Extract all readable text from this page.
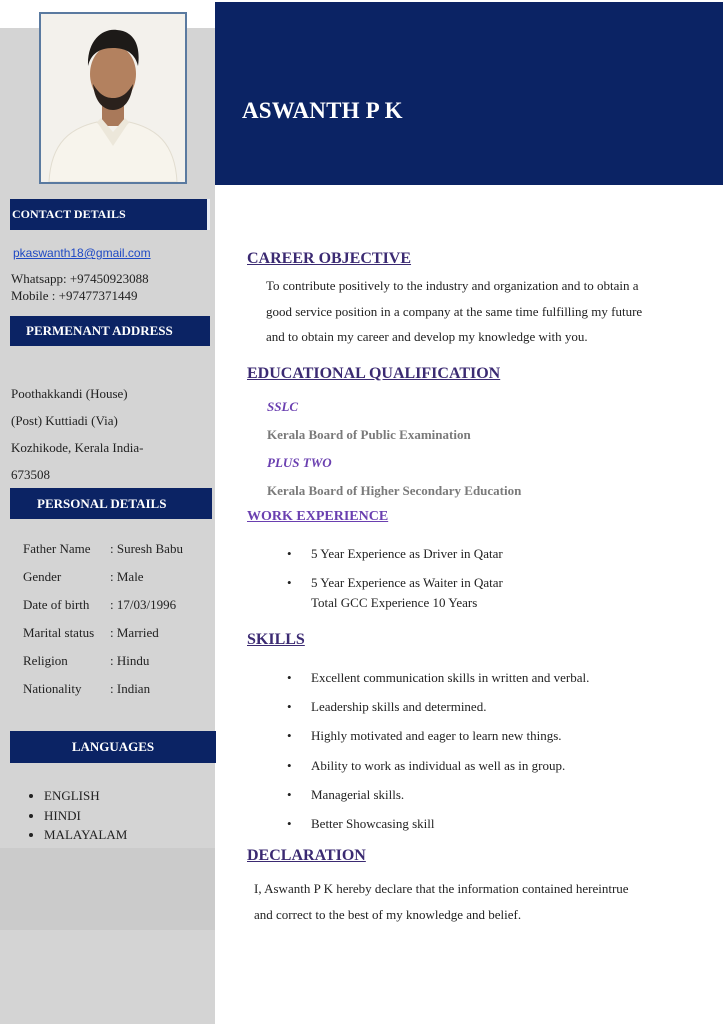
ASWANTH P K
CONTACT DETAILS
pkaswanth18@gmail.com
Whatsapp: +97450923088
Mobile : +97477371449
PERMENANT ADDRESS
Poothakkandi (House)
(Post) Kuttiadi (Via)
Kozhikode, Kerala India-
673508
PERSONAL DETAILS
Father Name : Suresh Babu
Gender	: Male
Date of birth : 17/03/1996
Marital status : Married
Religion	: Hindu
Nationality : Indian
LANGUAGES
• ENGLISH
• HINDI
• MALAYALAM
CAREER OBJECTIVE
To contribute positively to the industry and organization and to obtain a
good service position in a company at the same time fulfilling my future
and to obtain my career and develop my knowledge with you.
EDUCATIONAL QUALIFICATION
SSLC
Kerala Board of Public Examination
PLUS TWO
Kerala Board of Higher Secondary Education
WORK EXPERIENCE
• 5 Year Experience as Driver in Qatar
• 5 Year Experience as Waiter in Qatar
Total GCC Experience 10 Years
SKILLS
• Excellent communication skills in written and verbal.
• Leadership skills and determined.
• Highly motivated and eager to learn new things.
• Ability to work as individual as well as in group.
• Managerial skills.
• Better Showcasing skill
DECLARATION
I, Aswanth P K hereby declare that the information contained hereintrue
and correct to the best of my knowledge and belief.
